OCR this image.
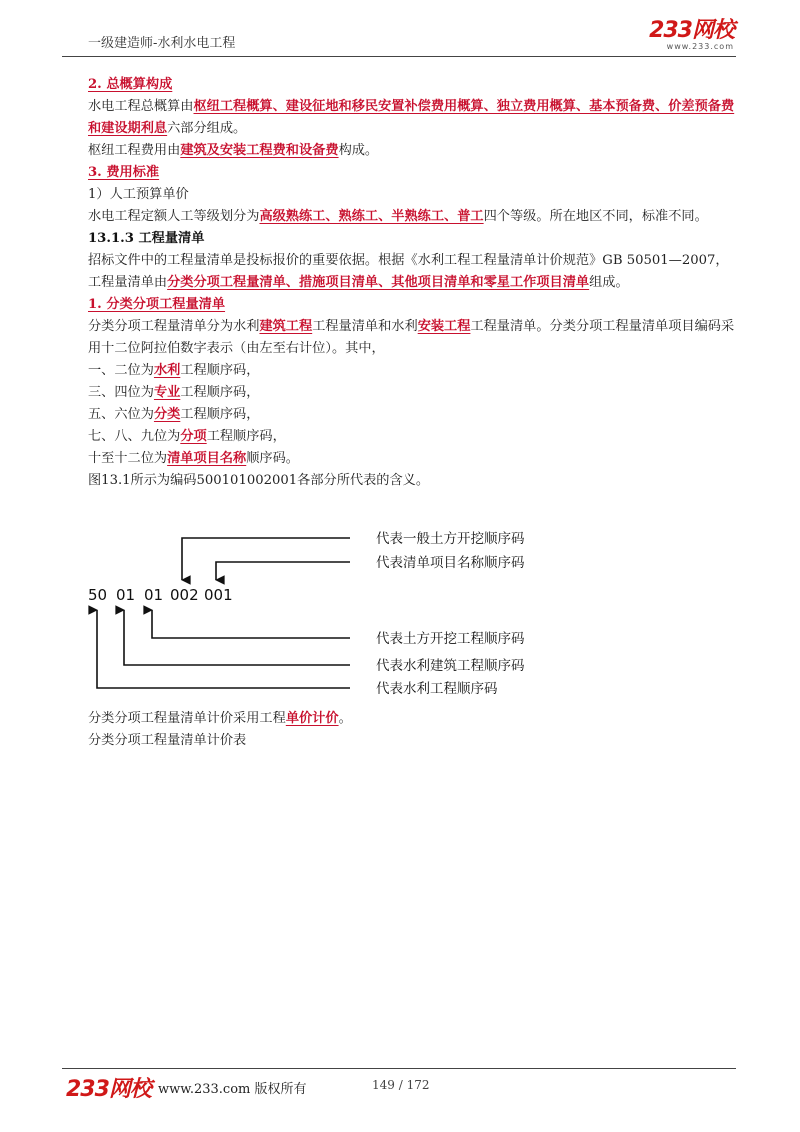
一级建造师-水利水电工程
233网校
www.233.com

2. 总概算构成

水电工程总概算由枢纽工程概算、建设征地和移民安置补偿费用概算、独立费用概算、基本预备费、价差预备费和建设期利息六部分组成。

枢纽工程费用由建筑及安装工程费和设备费构成。

3. 费用标准

1）人工预算单价

水电工程定额人工等级划分为高级熟练工、熟练工、半熟练工、普工四个等级。所在地区不同，标准不同。

13.1.3 工程量清单

招标文件中的工程量清单是投标报价的重要依据。根据《水利工程工程量清单计价规范》GB 50501—2007，工程量清单由分类分项工程量清单、措施项目清单、其他项目清单和零星工作项目清单组成。

1. 分类分项工程量清单

分类分项工程量清单分为水利建筑工程工程量清单和水利安装工程工程量清单。分类分项工程量清单项目编码采用十二位阿拉伯数字表示（由左至右计位）。其中，

一、二位为水利工程顺序码，

三、四位为专业工程顺序码，

五、六位为分类工程顺序码，

七、八、九位为分项工程顺序码，

十至十二位为清单项目名称顺序码。

图13.1所示为编码500101002001各部分所代表的含义。

50 01 01 002 001
代表一般土方开挖顺序码
代表清单项目名称顺序码
代表土方开挖工程顺序码
代表水利建筑工程顺序码
代表水利工程顺序码

分类分项工程量清单计价采用工程单价计价。

分类分项工程量清单计价表

233网校 www.233.com 版权所有	149 / 172
